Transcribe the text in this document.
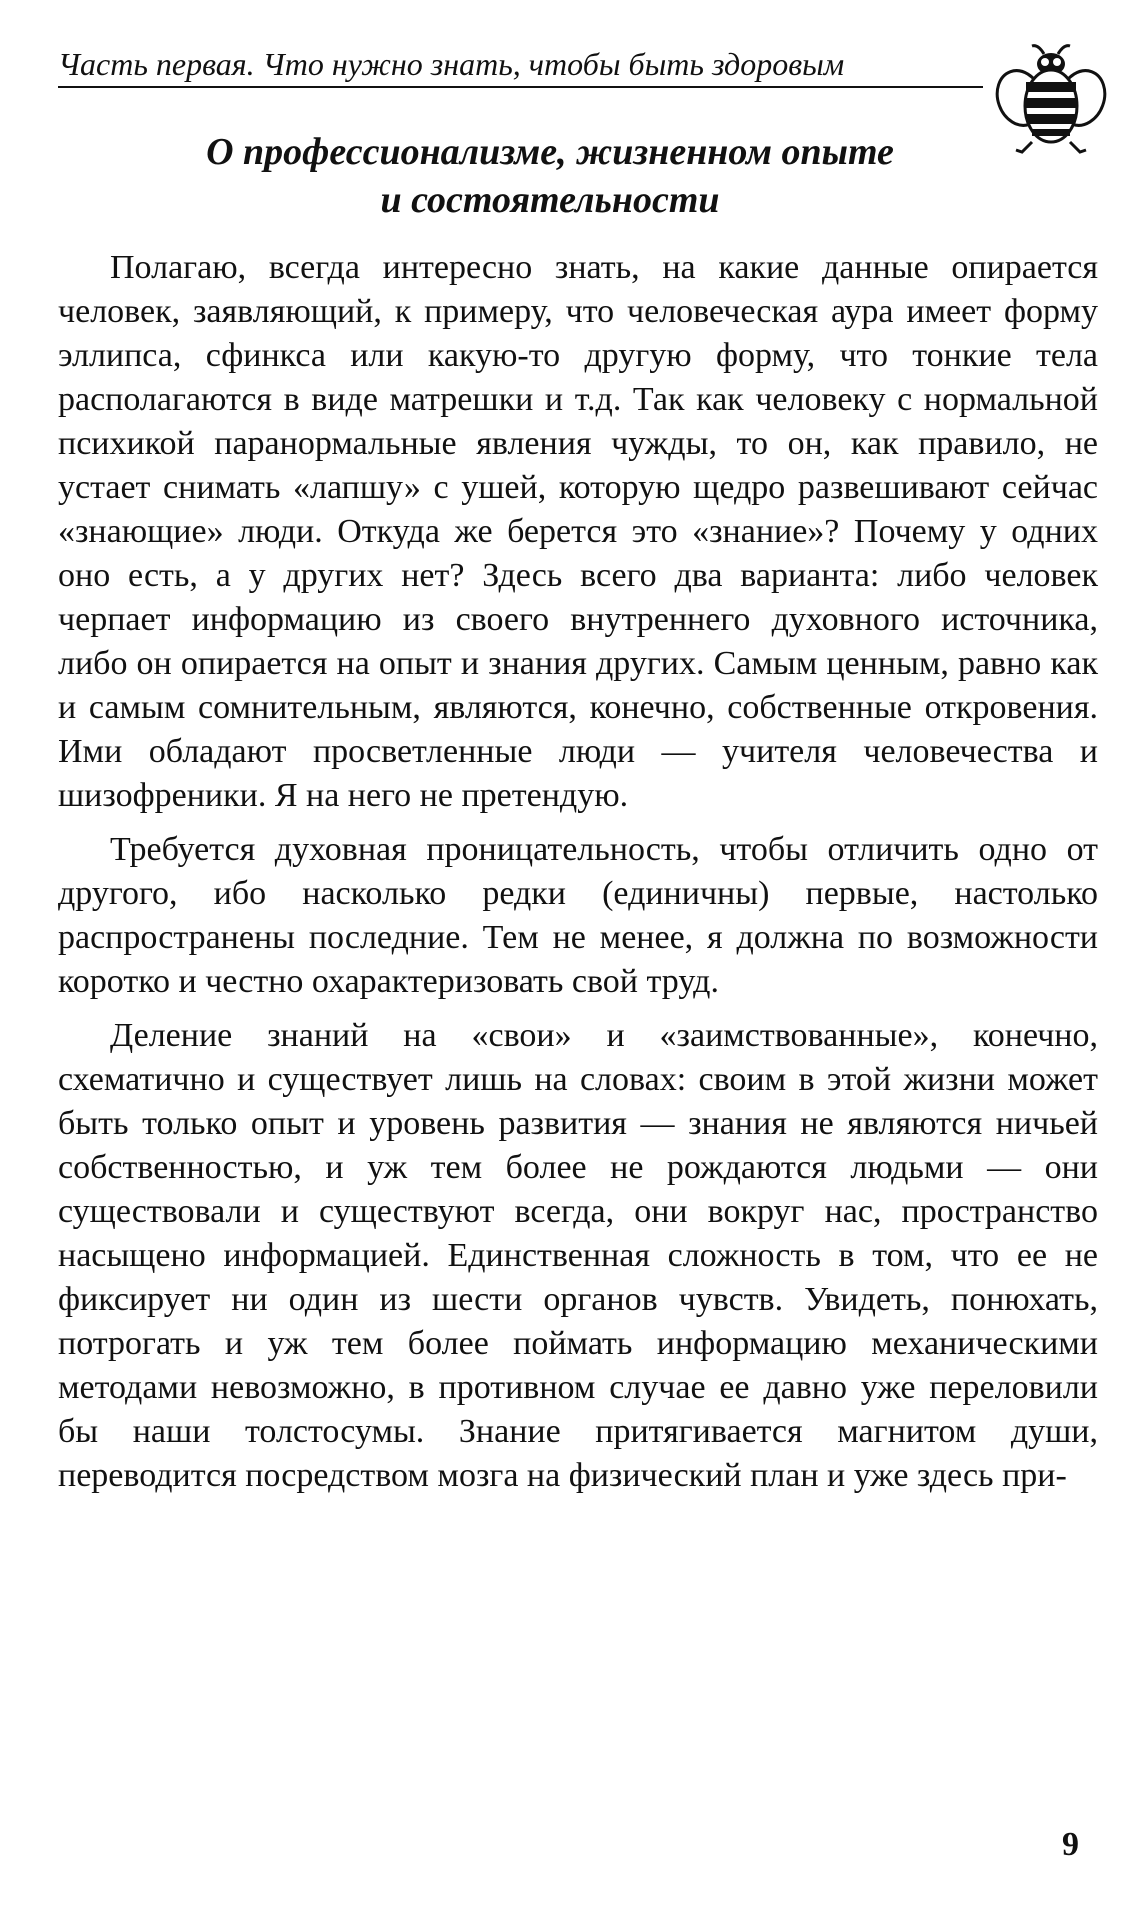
Часть первая. Что нужно знать, чтобы быть здоровым
О профессионализме, жизненном опыте
и состоятельности

Полагаю, всегда интересно знать, на какие данные опирается человек, заявляющий, к примеру, что человеческая аура имеет форму эллипса, сфинкса или какую-то другую форму, что тонкие тела располагаются в виде матрешки и т.д. Так как человеку с нормальной психикой паранормальные явления чужды, то он, как правило, не устает снимать «лапшу» с ушей, которую щедро развешивают сейчас «знающие» люди. Откуда же берется это «знание»? Почему у одних оно есть, а у других нет? Здесь всего два варианта: либо человек черпает информацию из своего внутреннего духовного источника, либо он опирается на опыт и знания других. Самым ценным, равно как и самым сомнительным, являются, конечно, собственные откровения. Ими обладают просветленные люди — учителя человечества и шизофреники. Я на него не претендую.

Требуется духовная проницательность, чтобы отличить одно от другого, ибо насколько редки (единичны) первые, настолько распространены последние. Тем не менее, я должна по возможности коротко и честно охарактеризовать свой труд.

Деление знаний на «свои» и «заимствованные», конечно, схематично и существует лишь на словах: своим в этой жизни может быть только опыт и уровень развития — знания не являются ничьей собственностью, и уж тем более не рождаются людьми — они существовали и существуют всегда, они вокруг нас, пространство насыщено информацией. Единственная сложность в том, что ее не фиксирует ни один из шести органов чувств. Увидеть, понюхать, потрогать и уж тем более поймать информацию механическими методами невозможно, в противном случае ее давно уже переловили бы наши толстосумы. Знание притягивается магнитом души, переводится посредством мозга на физический план и уже здесь при-

9
